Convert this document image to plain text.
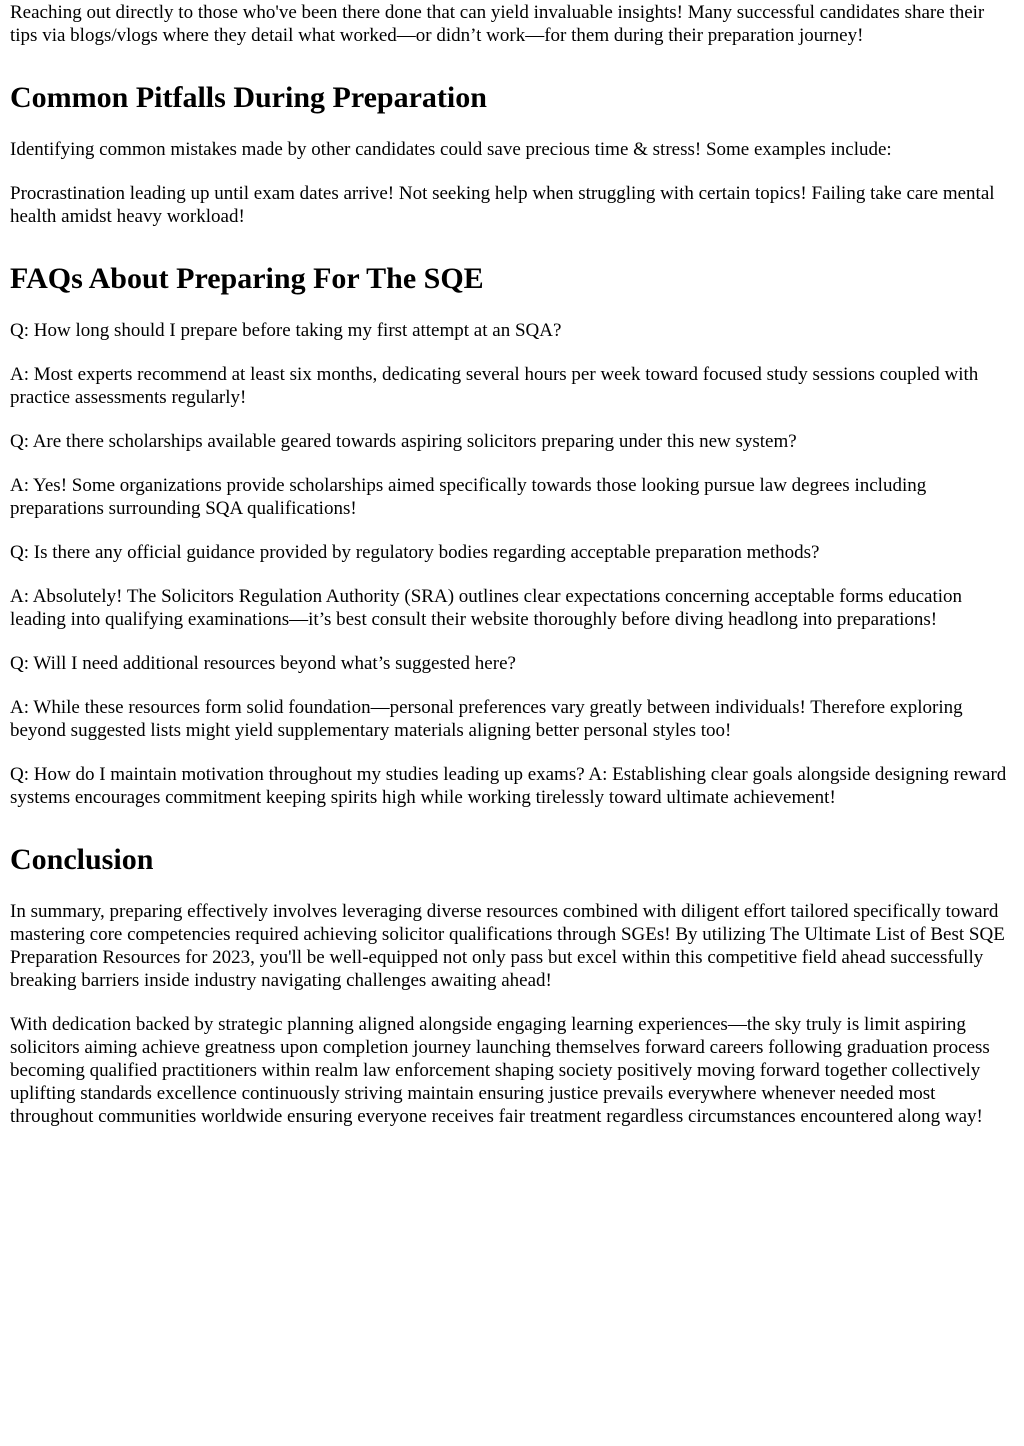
Reaching out directly to those who've been there done that can yield invaluable insights! Many successful candidates share their tips via blogs/vlogs where they detail what worked—or didn’t work—for them during their preparation journey!

Common Pitfalls During Preparation

Identifying common mistakes made by other candidates could save precious time & stress! Some examples include:

Procrastination leading up until exam dates arrive! Not seeking help when struggling with certain topics! Failing take care mental health amidst heavy workload!

FAQs About Preparing For The SQE

Q: How long should I prepare before taking my first attempt at an SQA?

A: Most experts recommend at least six months, dedicating several hours per week toward focused study sessions coupled with practice assessments regularly!

Q: Are there scholarships available geared towards aspiring solicitors preparing under this new system?

A: Yes! Some organizations provide scholarships aimed specifically towards those looking pursue law degrees including preparations surrounding SQA qualifications!

Q: Is there any official guidance provided by regulatory bodies regarding acceptable preparation methods?

A: Absolutely! The Solicitors Regulation Authority (SRA) outlines clear expectations concerning acceptable forms education leading into qualifying examinations—it’s best consult their website thoroughly before diving headlong into preparations!

Q: Will I need additional resources beyond what’s suggested here?

A: While these resources form solid foundation—personal preferences vary greatly between individuals! Therefore exploring beyond suggested lists might yield supplementary materials aligning better personal styles too!

Q: How do I maintain motivation throughout my studies leading up exams? A: Establishing clear goals alongside designing reward systems encourages commitment keeping spirits high while working tirelessly toward ultimate achievement!

Conclusion

In summary, preparing effectively involves leveraging diverse resources combined with diligent effort tailored specifically toward mastering core competencies required achieving solicitor qualifications through SGEs! By utilizing The Ultimate List of Best SQE Preparation Resources for 2023, you'll be well-equipped not only pass but excel within this competitive field ahead successfully breaking barriers inside industry navigating challenges awaiting ahead!

With dedication backed by strategic planning aligned alongside engaging learning experiences—the sky truly is limit aspiring solicitors aiming achieve greatness upon completion journey launching themselves forward careers following graduation process becoming qualified practitioners within realm law enforcement shaping society positively moving forward together collectively uplifting standards excellence continuously striving maintain ensuring justice prevails everywhere whenever needed most throughout communities worldwide ensuring everyone receives fair treatment regardless circumstances encountered along way!
